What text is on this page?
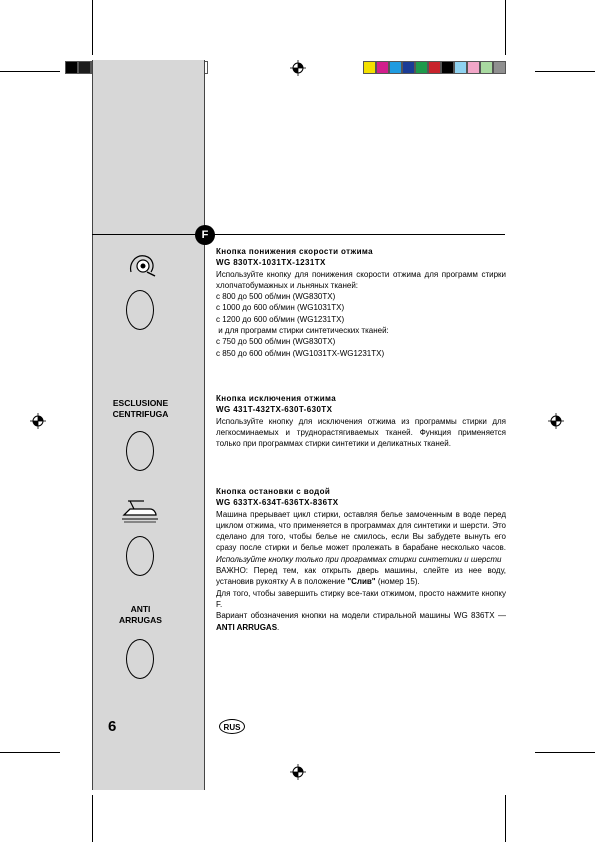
F
ESCLUSIONE
CENTRIFUGA
ANTI
ARRUGAS
6	RUS

Кнопка понижения скорости отжима

WG 830TX-1031TX-1231TX

Используйте кнопку для понижения скорости отжима для программ стирки хлопчатобумажных и льняных тканей:

с 800 до 500 об/мин (WG830TX)

с 1000 до 600 об/мин (WG1031TX)

с 1200 до 600 об/мин (WG1231TX)

и для программ стирки синтетических тканей:

с 750 до 500 об/мин (WG830TX)

с 850 до 600 об/мин (WG1031TX-WG1231TX)

Кнопка исключения отжима

WG 431T-432TX-630T-630TX

Используйте кнопку для исключения отжима из программы стирки для легкосминаемых и труднорастягиваемых тканей. Функция применяется только при программах стирки синтетики и деликатных тканей.

Кнопка остановки с водой

WG 633TX-634T-636TX-836TX

Машина прерывает цикл стирки, оставляя белье замоченным в воде перед циклом отжима, что применяется в программах для синтетики и шерсти. Это сделано для того, чтобы белье не смилось, если Вы забудете вынуть его сразу после стирки и белье может пролежать в барабане несколько часов. Используйте кнопку только при программах стирки синтетики и шерсти

ВАЖНО: Перед тем, как открыть дверь машины, слейте из нее воду, установив рукоятку А в положение "Слив" (номер 15).

Для того, чтобы завершить стирку все-таки отжимом, просто нажмите кнопку F.

Вариант обозначения кнопки на модели стиральной машины WG 836TX — ANTI ARRUGAS.
